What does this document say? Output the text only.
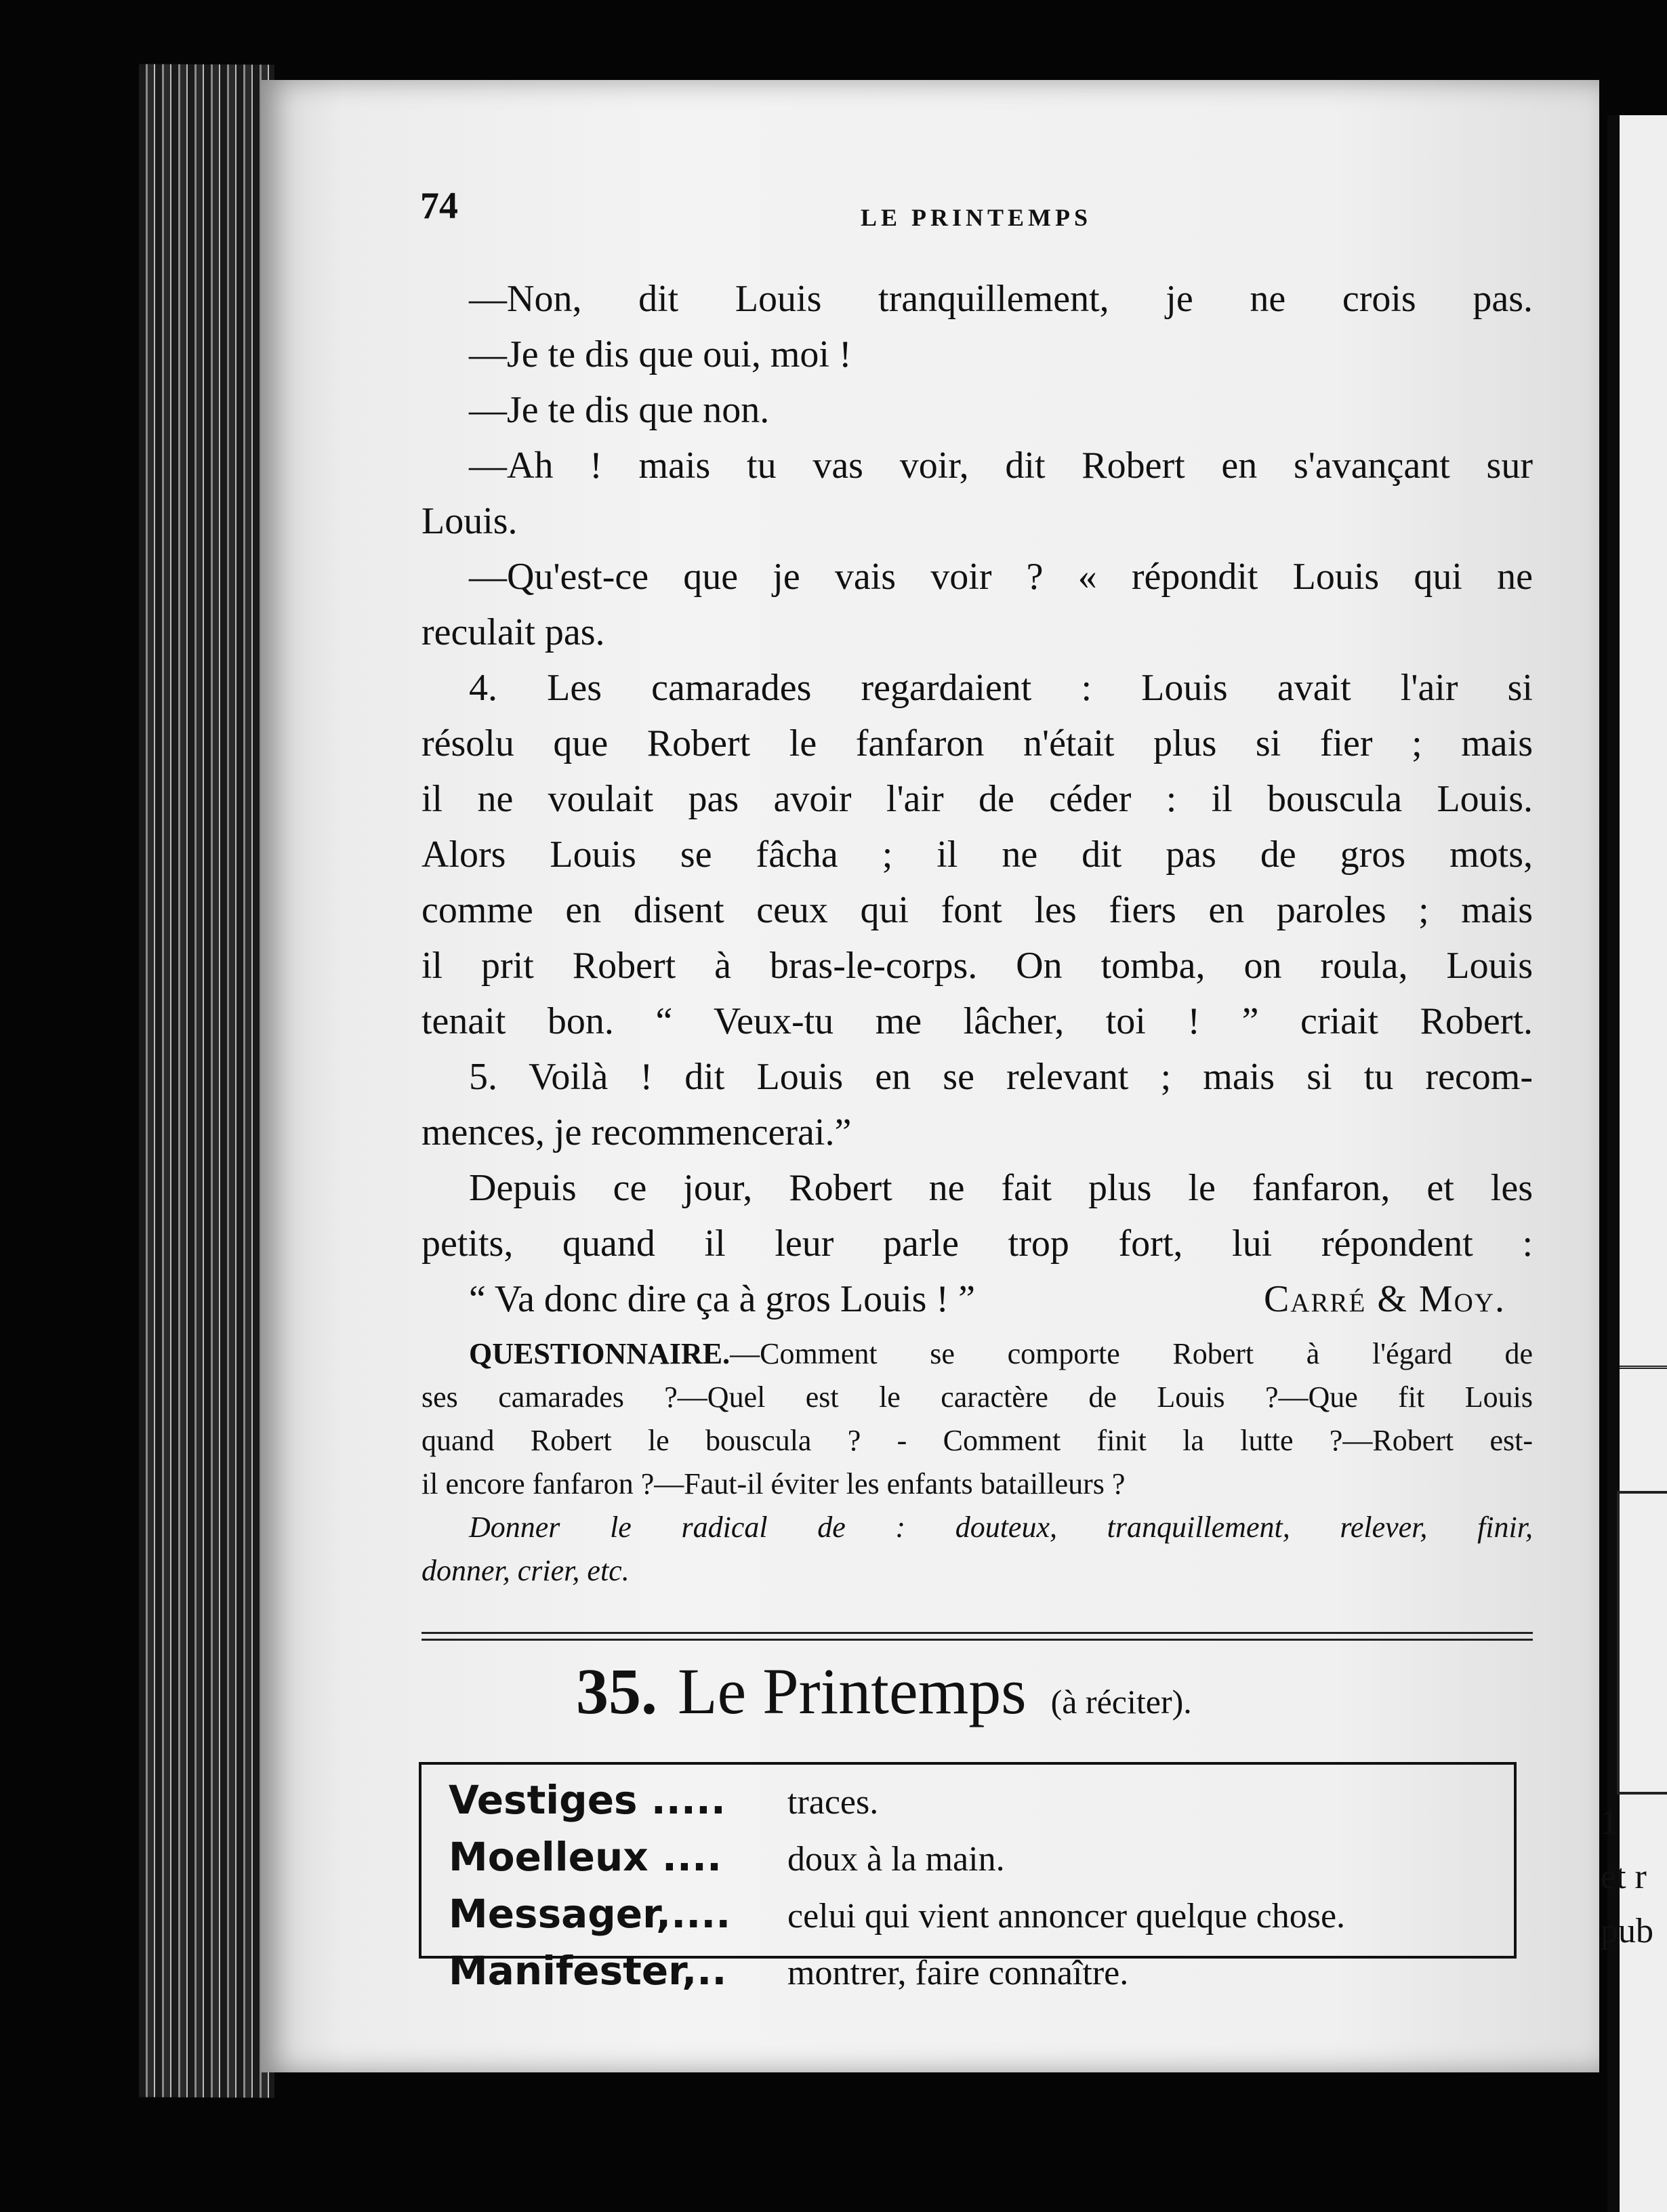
1
et r
pub
74	LE PRINTEMPS
—Non, dit Louis tranquillement, je ne crois pas.
—Je te dis que oui, moi !
—Je te dis que non.
—Ah ! mais tu vas voir, dit Robert en s'avançant sur
Louis.
—Qu'est-ce que je vais voir ? « répondit Louis qui ne
reculait pas.
4. Les camarades regardaient : Louis avait l'air si
résolu que Robert le fanfaron n'était plus si fier ; mais
il ne voulait pas avoir l'air de céder : il bouscula Louis.
Alors Louis se fâcha ; il ne dit pas de gros mots,
comme en disent ceux qui font les fiers en paroles ; mais
il prit Robert à bras-le-corps. On tomba, on roula, Louis
tenait bon. “ Veux-tu me lâcher, toi ! ” criait Robert.
5. Voilà ! dit Louis en se relevant ; mais si tu recom-
mences, je recommencerai.”
Depuis ce jour, Robert ne fait plus le fanfaron, et les
petits, quand il leur parle trop fort, lui répondent :
“ Va donc dire ça à gros Louis ! ”	Carré & Moy.
QUESTIONNAIRE.—Comment se comporte Robert à l'égard de
ses camarades ?—Quel est le caractère de Louis ?—Que fit Louis
quand Robert le bouscula ? - Comment finit la lutte ?—Robert est-
il encore fanfaron ?—Faut-il éviter les enfants batailleurs ?
Donner le radical de : douteux, tranquillement, relever, finir,
donner, crier, etc.
35. Le Printemps (à réciter).
Vestiges .....	traces.
Moelleux ....	doux à la main.
Messager,....	celui qui vient annoncer quelque chose.
Manifester,..	montrer, faire connaître.
